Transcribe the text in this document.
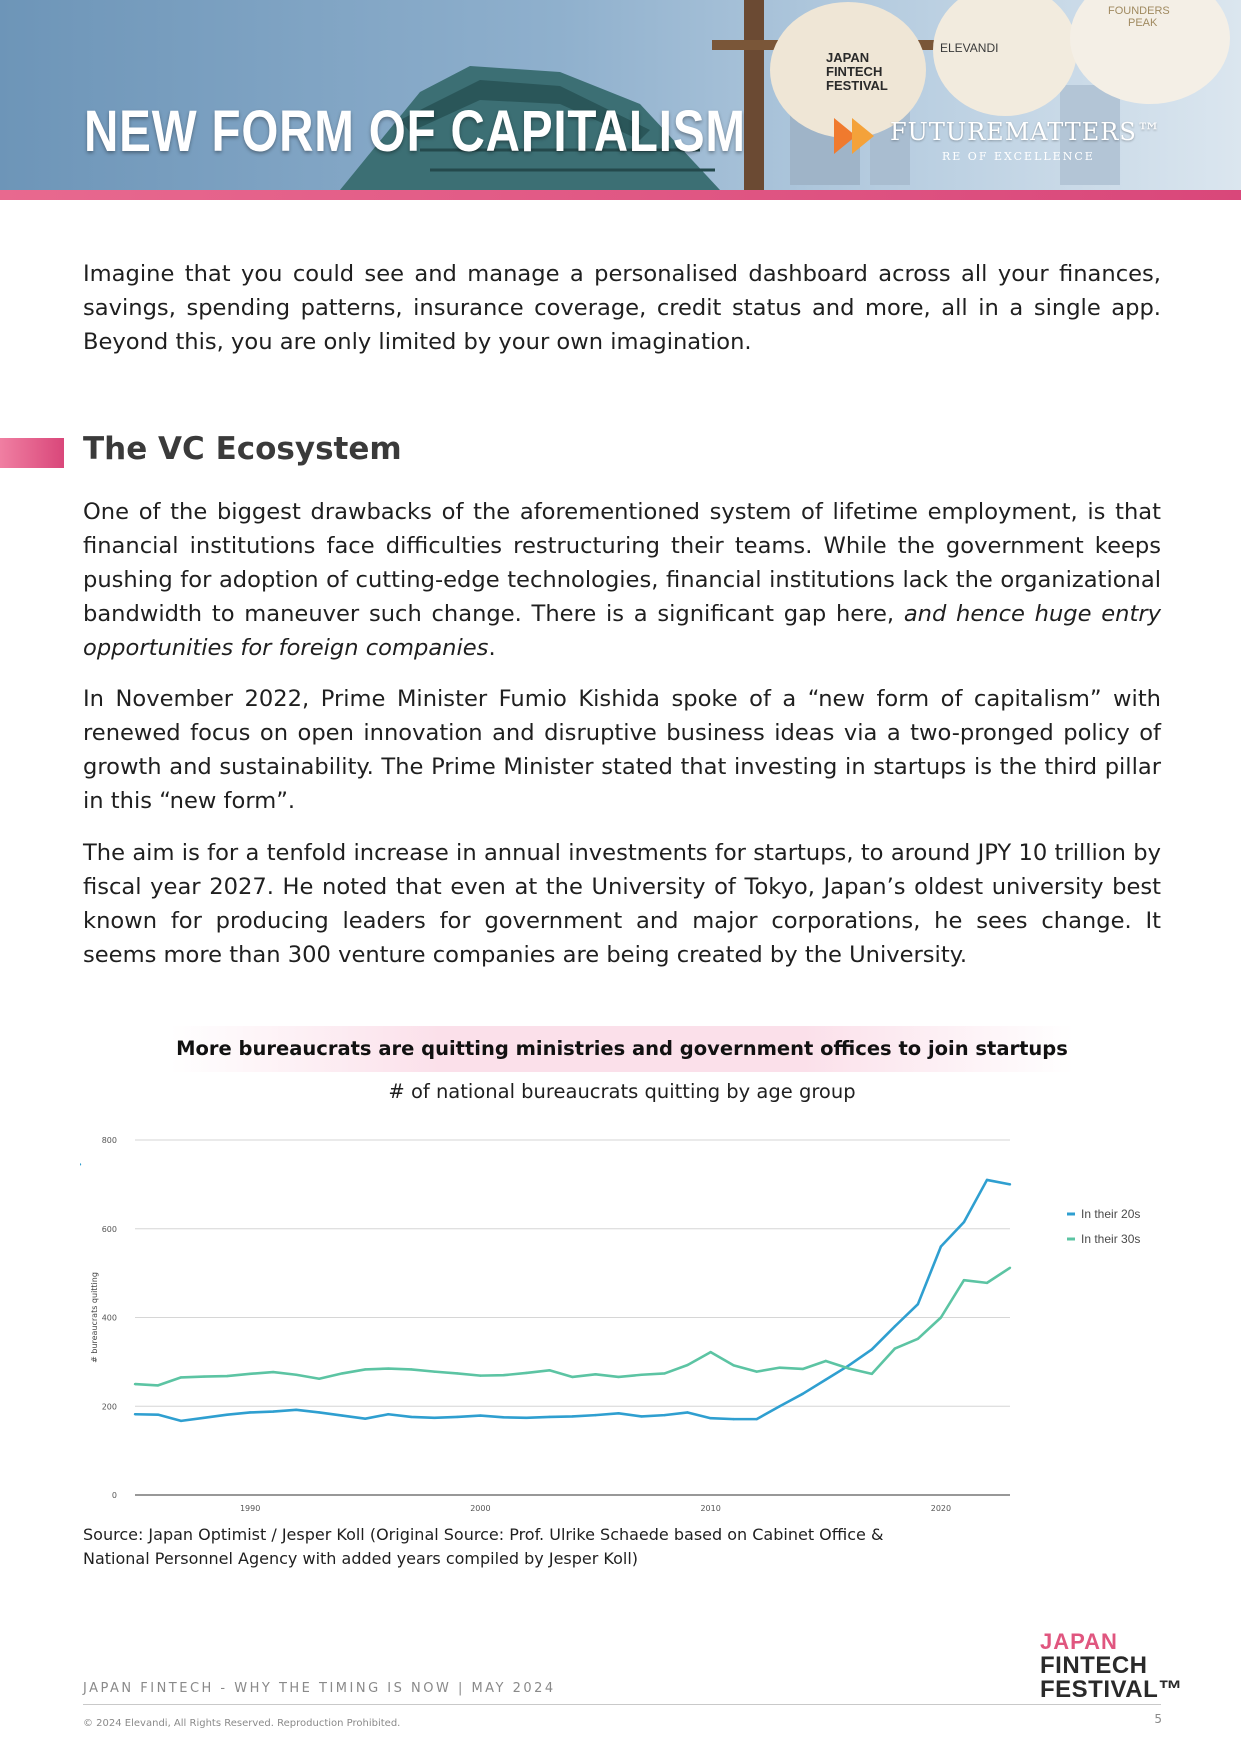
JAPAN
FINTECH
FESTIVAL
ELEVANDI
FOUNDERS
PEAK
NEW FORM OF CAPITALISM	FUTUREMATTERS™
RE OF EXCELLENCE

Imagine that you could see and manage a personalised dashboard across all your finances, savings, spending patterns, insurance coverage, credit status and more, all in a single app. Beyond this, you are only limited by your own imagination.

The VC Ecosystem

One of the biggest drawbacks of the aforementioned system of lifetime employment, is that financial institutions face difficulties restructuring their teams. While the government keeps pushing for adoption of cutting-edge technologies, financial institutions lack the organizational bandwidth to maneuver such change. There is a significant gap here, and hence huge entry opportunities for foreign companies.

In November 2022, Prime Minister Fumio Kishida spoke of a “new form of capitalism” with renewed focus on open innovation and disruptive business ideas via a two-pronged policy of growth and sustainability. The Prime Minister stated that investing in startups is the third pillar in this “new form”.

The aim is for a tenfold increase in annual investments for startups, to around JPY 10 trillion by fiscal year 2027. He noted that even at the University of Tokyo, Japan’s oldest university best known for producing leaders for government and major corporations, he sees change. It seems more than 300 venture companies are being created by the University.

More bureaucrats are quitting ministries and government offices to join startups

# of national bureaucrats quitting by age group

0
200
400
600
800
1990	2000	2010	2020
# bureaucrats quitting
In their 20s
In their 30s

Source: Japan Optimist / Jesper Koll (Original Source: Prof. Ulrike Schaede based on Cabinet Office &
National Personnel Agency with added years compiled by Jesper Koll)

JAPAN
FINTECH
FESTIVAL™

JAPAN FINTECH - WHY THE TIMING IS NOW | MAY 2024

© 2024 Elevandi, All Rights Reserved. Reproduction Prohibited.	5
